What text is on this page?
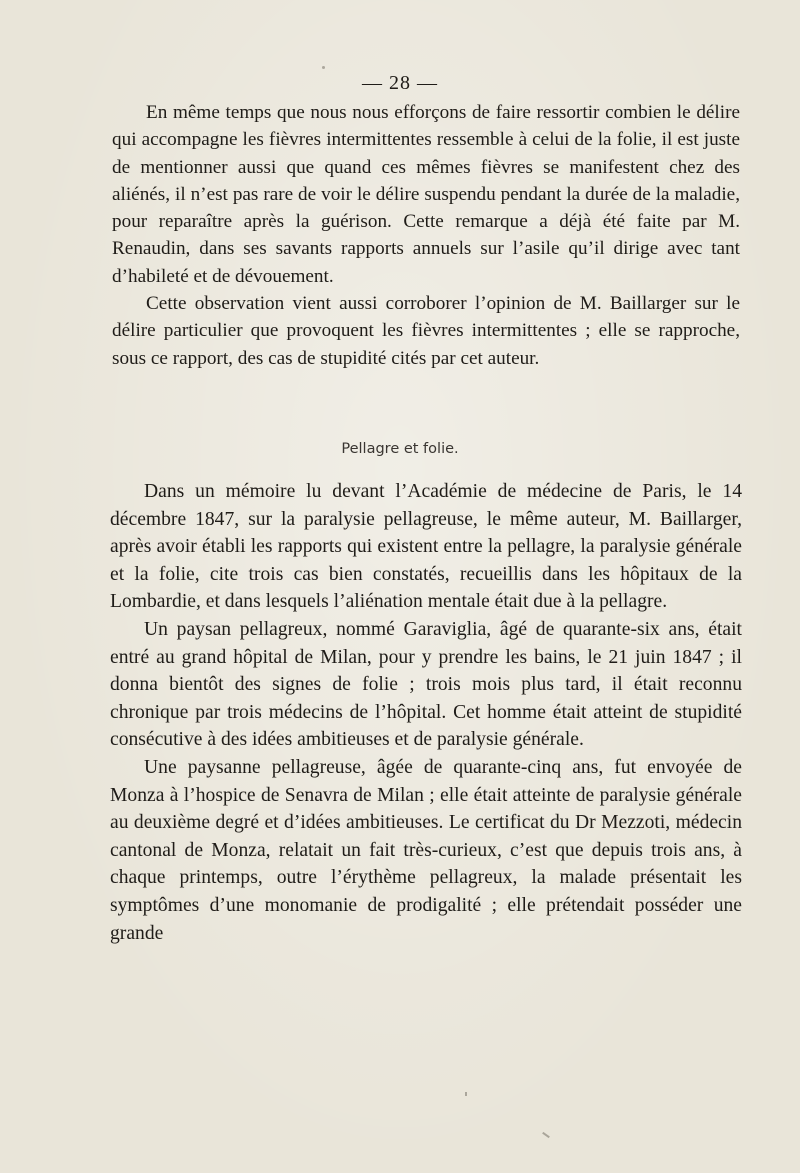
— 28 —

En même temps que nous nous efforçons de faire ressortir combien le délire qui accompagne les fièvres intermittentes ressemble à celui de la folie, il est juste de mentionner aussi que quand ces mêmes fièvres se manifestent chez des aliénés, il n’est pas rare de voir le délire suspendu pendant la durée de la maladie, pour reparaître après la guérison. Cette remarque a déjà été faite par M. Renaudin, dans ses savants rapports annuels sur l’asile qu’il dirige avec tant d’habileté et de dévouement.

Cette observation vient aussi corroborer l’opinion de M. Baillarger sur le délire particulier que provoquent les fièvres intermittentes ; elle se rapproche, sous ce rapport, des cas de stupidité cités par cet auteur.

Pellagre et folie.

Dans un mémoire lu devant l’Académie de médecine de Paris, le 14 décembre 1847, sur la paralysie pellagreuse, le même auteur, M. Baillarger, après avoir établi les rapports qui existent entre la pellagre, la paralysie générale et la folie, cite trois cas bien constatés, recueillis dans les hôpitaux de la Lombardie, et dans lesquels l’aliénation mentale était due à la pellagre.

Un paysan pellagreux, nommé Garaviglia, âgé de quarante-six ans, était entré au grand hôpital de Milan, pour y prendre les bains, le 21 juin 1847 ; il donna bientôt des signes de folie ; trois mois plus tard, il était reconnu chronique par trois médecins de l’hôpital. Cet homme était atteint de stupidité consécutive à des idées ambitieuses et de paralysie générale.

Une paysanne pellagreuse, âgée de quarante-cinq ans, fut envoyée de Monza à l’hospice de Senavra de Milan ; elle était atteinte de paralysie générale au deuxième degré et d’idées ambitieuses. Le certificat du Dr Mezzoti, médecin cantonal de Monza, relatait un fait très-curieux, c’est que depuis trois ans, à chaque printemps, outre l’érythème pellagreux, la malade présentait les symptômes d’une monomanie de prodigalité ; elle prétendait posséder une grande
